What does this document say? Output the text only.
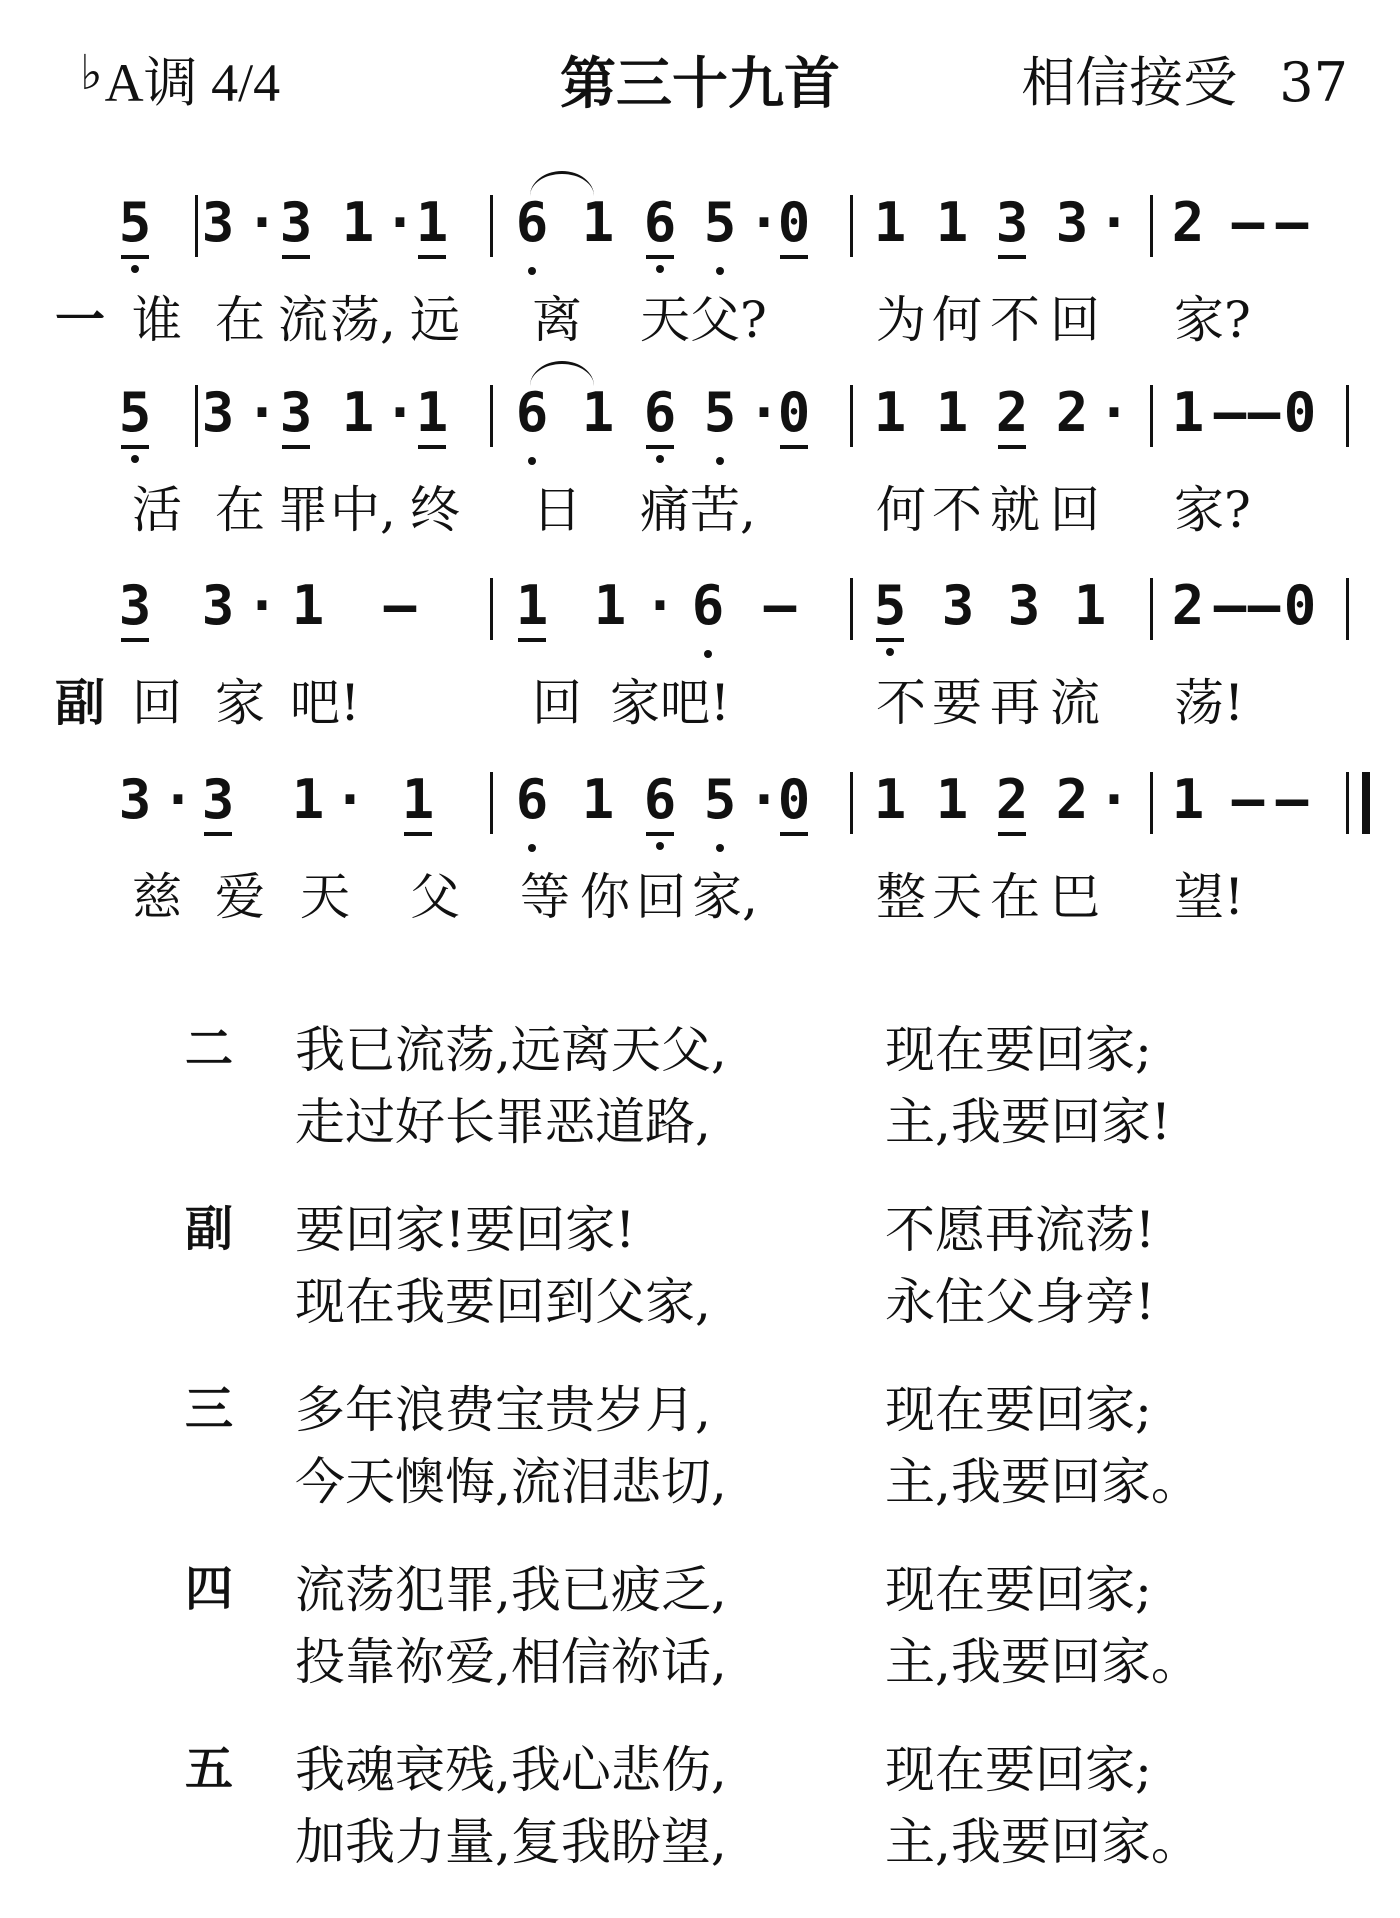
♭A调 4/4	第三十九首	相信接受 37
5 3 · 3 1 · 1 6 1 6 5 ·
0 1 1 3 3 · 2 – –
一 谁 在 流 荡, 远 离 天 父? 为 何 不 回 家?
5 3 · 3 1 · 1 6 1 6 5 ·
0 1 1 2 2 · 1 – – 0
活 在 罪 中, 终 日 痛 苦, 何 不 就 回 家?
3 3 · 1 – 1 1 · 6 – 5 3 3 1 2 – – 0
副 回 家 吧!	回 家 吧!	不 要 再 流 荡!
3 · 3 1 · 1 6 1 6 5 ·
0 1 1 2 2 · 1 – –
慈 爱 天 父 等 你 回 家, 整 天 在 巴 望!
二 我已流荡,远离天父,	现在要回家;
走过好长罪恶道路,	主,我要回家!
副 要回家!要回家!	不愿再流荡!
现在我要回到父家,	永住父身旁!
三 多年浪费宝贵岁月,	现在要回家;
今天懊悔,流泪悲切,	主,我要回家。
四 流荡犯罪,我已疲乏,	现在要回家;
投靠祢爱,相信祢话,	主,我要回家。
五 我魂衰残,我心悲伤,	现在要回家;
加我力量,复我盼望,	主,我要回家。
